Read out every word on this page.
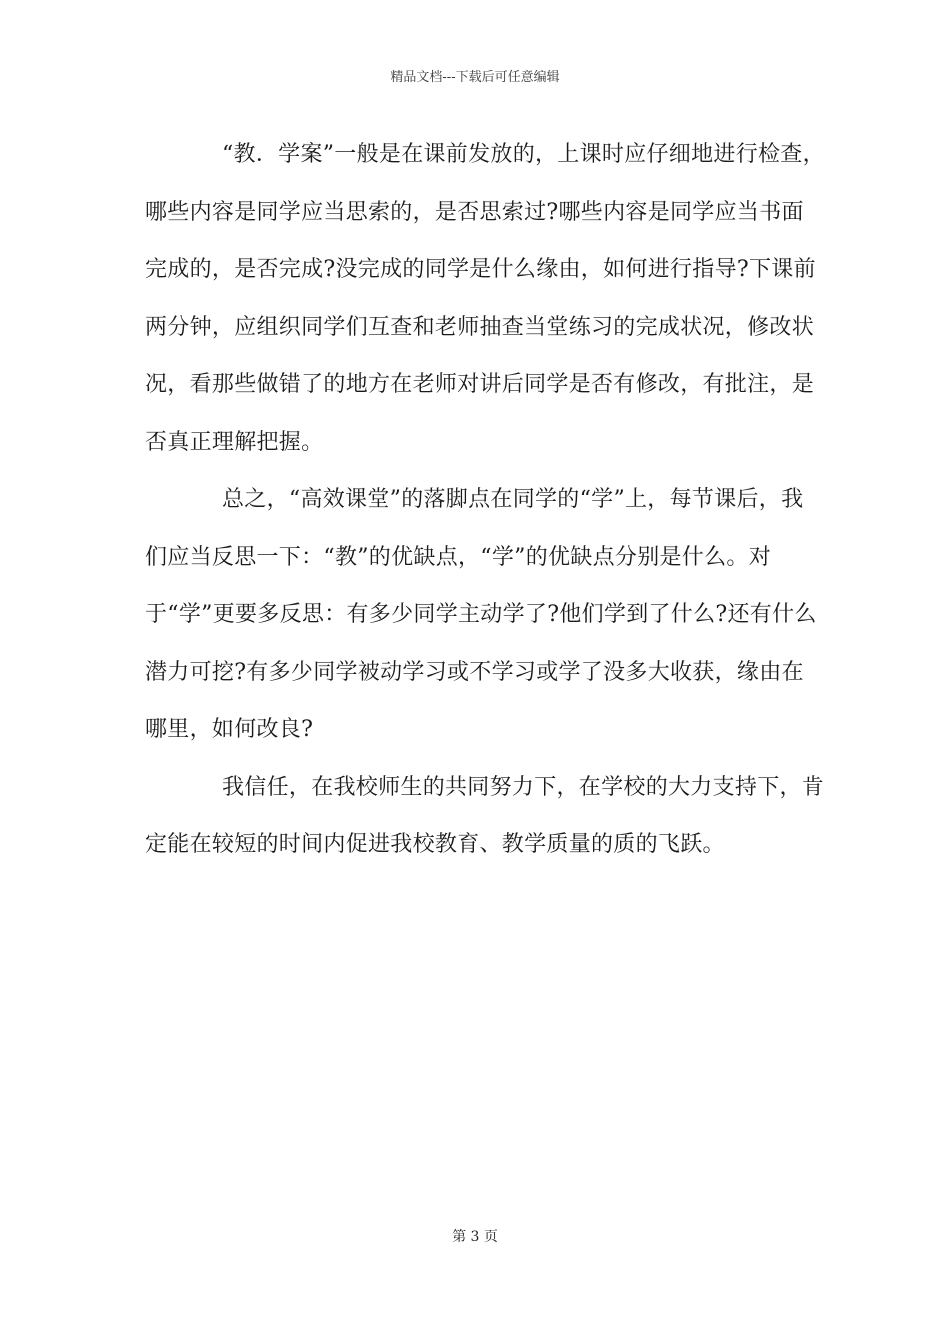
精品文档---下载后可任意编辑

“教．学案”一般是在课前发放的，上课时应仔细地进行检查，哪些内容是同学应当思索的，是否思索过?哪些内容是同学应当书面完成的，是否完成?没完成的同学是什么缘由，如何进行指导?下课前两分钟，应组织同学们互查和老师抽查当堂练习的完成状况，修改状况，看那些做错了的地方在老师对讲后同学是否有修改，有批注，是否真正理解把握。

总之，“高效课堂”的落脚点在同学的“学”上，每节课后，我们应当反思一下：“教”的优缺点，“学”的优缺点分别是什么。对于“学”更要多反思：有多少同学主动学了?他们学到了什么?还有什么潜力可挖?有多少同学被动学习或不学习或学了没多大收获，缘由在哪里，如何改良?

我信任，在我校师生的共同努力下，在学校的大力支持下，肯定能在较短的时间内促进我校教育、教学质量的质的飞跃。

第 3 页
